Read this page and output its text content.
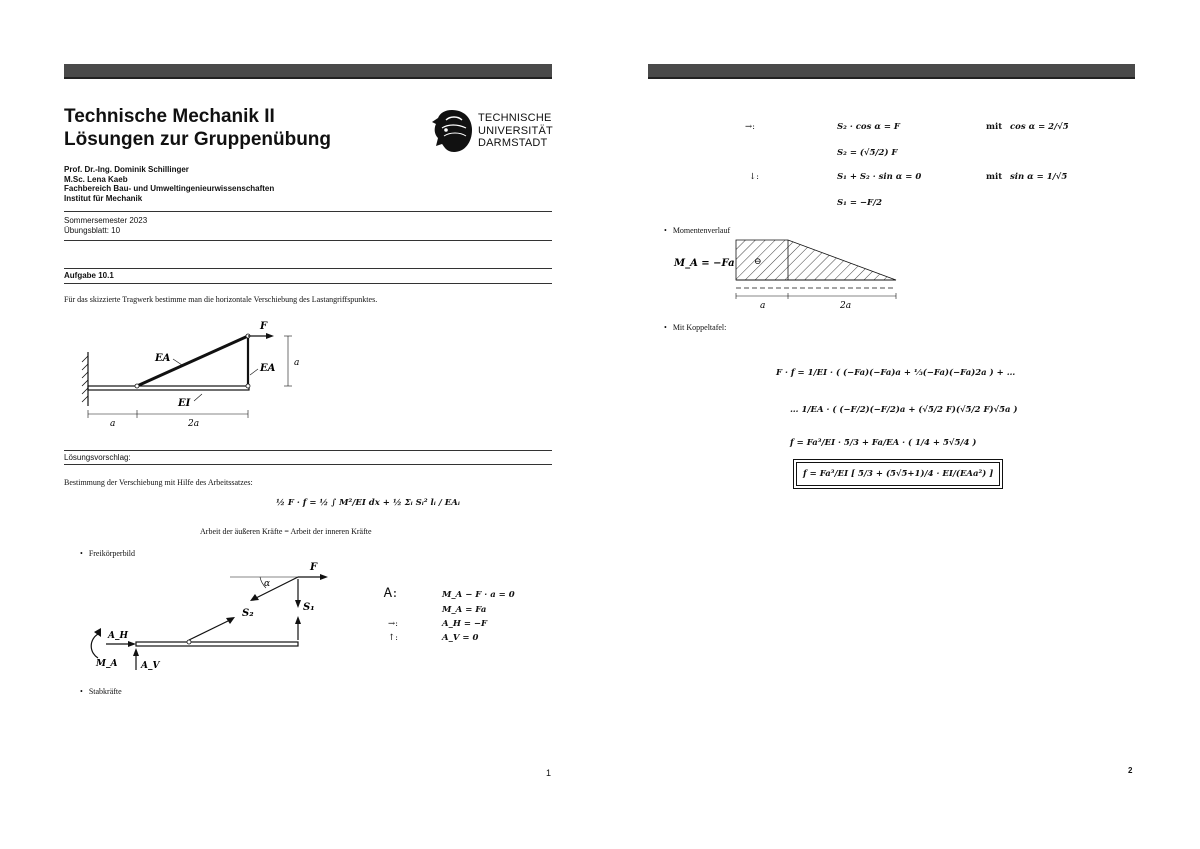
Technische Mechanik II
Lösungen zur Gruppenübung
TECHNISCHE
UNIVERSITÄT
DARMSTADT
Prof. Dr.-Ing. Dominik Schillinger
M.Sc. Lena Kaeb
Fachbereich Bau- und Umweltingenieurwissenschaften
Institut für Mechanik
Sommersemester 2023
Übungsblatt: 10
Aufgabe 10.1
Für das skizzierte Tragwerk bestimme man die horizontale Verschiebung des Lastangriffspunktes.
F
EA
EA
EI
a
a	2a
Lösungsvorschlag:
Bestimmung der Verschiebung mit Hilfe des Arbeitssatzes:
½ F · f = ½ ∫ M²/EI dx + ½ Σᵢ Sᵢ² lᵢ / EAᵢ
Arbeit der äußeren Kräfte = Arbeit der inneren Kräfte
• Freikörperbild
F
α
S₂
S₁
A_H
M_A	A_V
Ꭺ:	M_A − F · a = 0
M_A = Fa
→:	A_H = −F
↑:	A_V = 0
• Stabkräfte
1
→:	S₂ · cos α = F	mit cos α = 2/√5
S₂ = (√5/2) F
↓:	S₁ + S₂ · sin α = 0	mit sin α = 1/√5
S₁ = −F/2
• Momentenverlauf
M_A = −Fa ⊖
a	2a
• Mit Koppeltafel:
F · f = 1/EI · ( (−Fa)(−Fa)a + ⅓(−Fa)(−Fa)2a ) + …
… 1/EA · ( (−F/2)(−F/2)a + (√5/2 F)(√5/2 F)√5a )
f = Fa³/EI · 5/3 + Fa/EA · ( 1/4 + 5√5/4 )
f = Fa³/EI [ 5/3 + (5√5+1)/4 · EI/(EAa²) ]
2
